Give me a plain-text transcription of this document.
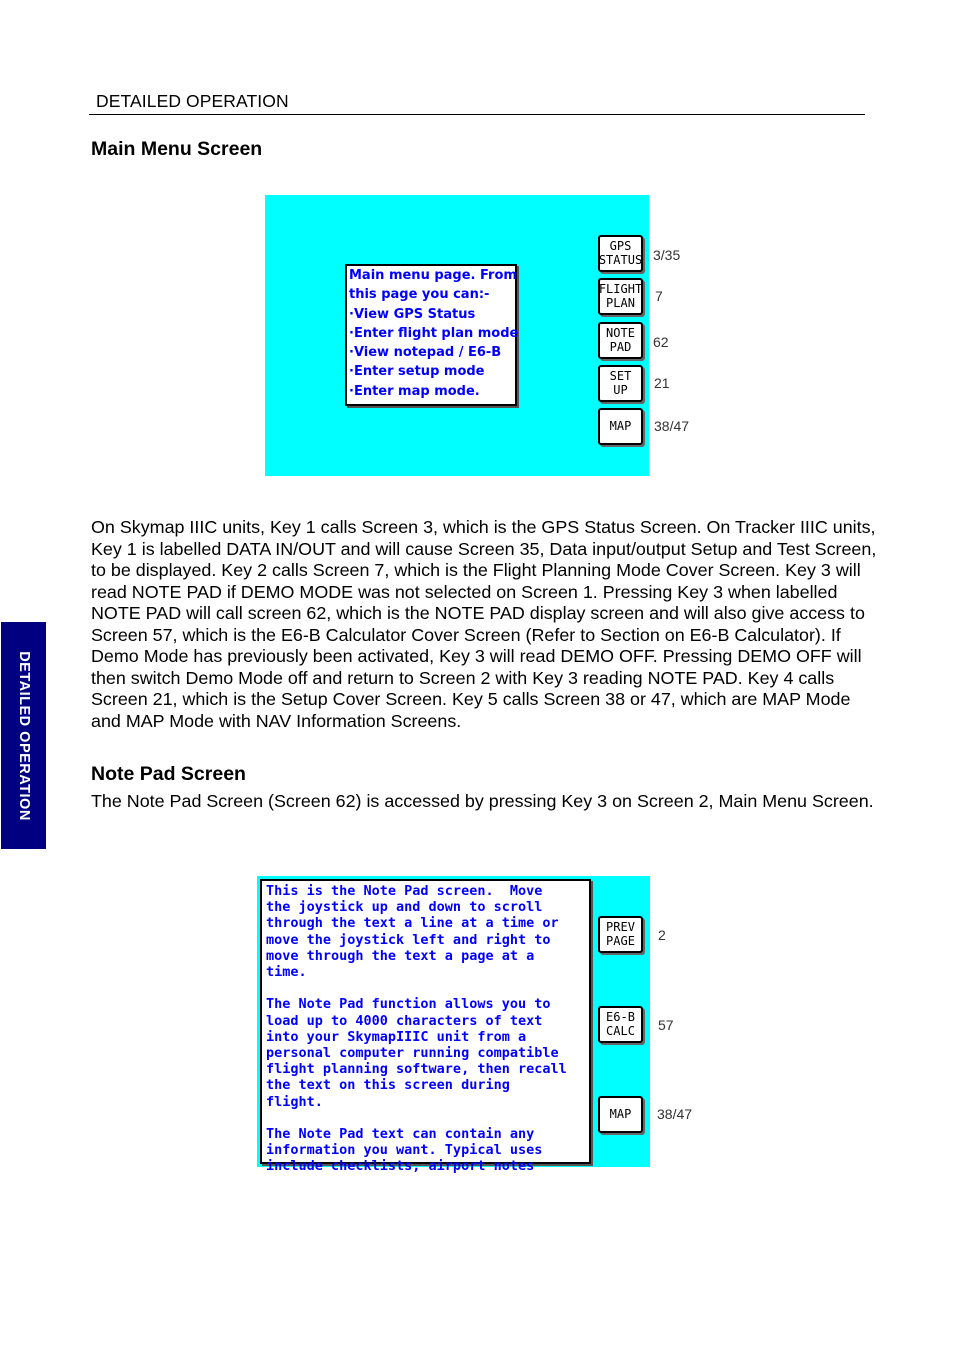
DETAILED OPERATION
DETAILED OPERATION
Main Menu Screen
Main menu page. From
this page you can:-
·View GPS Status
·Enter flight plan mode
·View notepad / E6-B
·Enter setup mode
·Enter map mode.
GPS
STATUS 3/35
FLIGHT
PLAN 7
NOTE
PAD 62
SET
UP 21
MAP 38/47
On Skymap IIIC units, Key 1 calls Screen 3, which is the GPS Status Screen. On Tracker IIIC units, Key 1 is labelled DATA IN/OUT and will cause Screen 35, Data input/output Setup and Test Screen, to be displayed. Key 2 calls Screen 7, which is the Flight Planning Mode Cover Screen. Key 3 will read NOTE PAD if DEMO MODE was not selected on Screen 1. Pressing Key 3 when labelled NOTE PAD will call screen 62, which is the NOTE PAD display screen and will also give access to Screen 57, which is the E6-B Calculator Cover Screen (Refer to Section on E6-B Calculator). If Demo Mode has previously been activated, Key 3 will read DEMO OFF. Pressing DEMO OFF will then switch Demo Mode off and return to Screen 2 with Key 3 reading NOTE PAD. Key 4 calls Screen 21, which is the Setup Cover Screen. Key 5 calls Screen 38 or 47, which are MAP Mode and MAP Mode with NAV Information Screens.
Note Pad Screen
The Note Pad Screen (Screen 62) is accessed by pressing Key 3 on Screen 2, Main Menu Screen.
This is the Note Pad screen.  Move
the joystick up and down to scroll
through the text a line at a time or
move the joystick left and right to
move through the text a page at a
time.

The Note Pad function allows you to
load up to 4000 characters of text
into your SkymapIIIC unit from a
personal computer running compatible
flight planning software, then recall
the text on this screen during
flight.

The Note Pad text can contain any
information you want. Typical uses
include checklists, airport notes
PREV
PAGE 2
E6-B
CALC 57
MAP 38/47
